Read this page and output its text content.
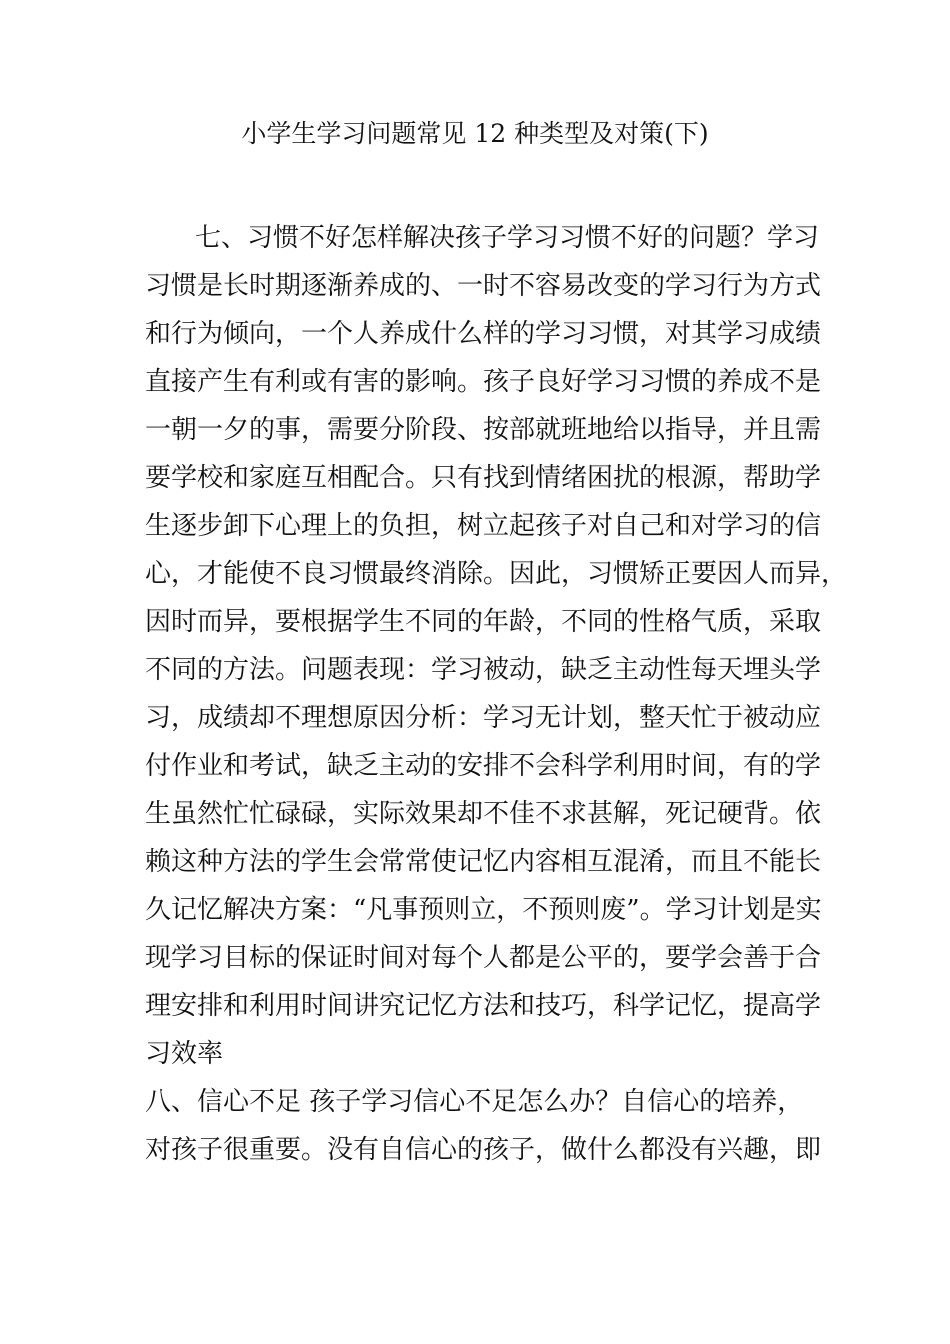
小学生学习问题常见 12 种类型及对策(下)
七、习惯不好怎样解决孩子学习习惯不好的问题？学习
习惯是长时期逐渐养成的、一时不容易改变的学习行为方式
和行为倾向，一个人养成什么样的学习习惯，对其学习成绩
直接产生有利或有害的影响。孩子良好学习习惯的养成不是
一朝一夕的事，需要分阶段、按部就班地给以指导，并且需
要学校和家庭互相配合。只有找到情绪困扰的根源，帮助学
生逐步卸下心理上的负担，树立起孩子对自己和对学习的信
心，才能使不良习惯最终消除。因此，习惯矫正要因人而异，
因时而异，要根据学生不同的年龄，不同的性格气质，采取
不同的方法。问题表现：学习被动，缺乏主动性每天埋头学
习，成绩却不理想原因分析：学习无计划，整天忙于被动应
付作业和考试，缺乏主动的安排不会科学利用时间，有的学
生虽然忙忙碌碌，实际效果却不佳不求甚解，死记硬背。依
赖这种方法的学生会常常使记忆内容相互混淆，而且不能长
久记忆解决方案：“凡事预则立，不预则废”。学习计划是实
现学习目标的保证时间对每个人都是公平的，要学会善于合
理安排和利用时间讲究记忆方法和技巧，科学记忆，提高学
习效率
八、信心不足 孩子学习信心不足怎么办？自信心的培养，
对孩子很重要。没有自信心的孩子，做什么都没有兴趣，即
